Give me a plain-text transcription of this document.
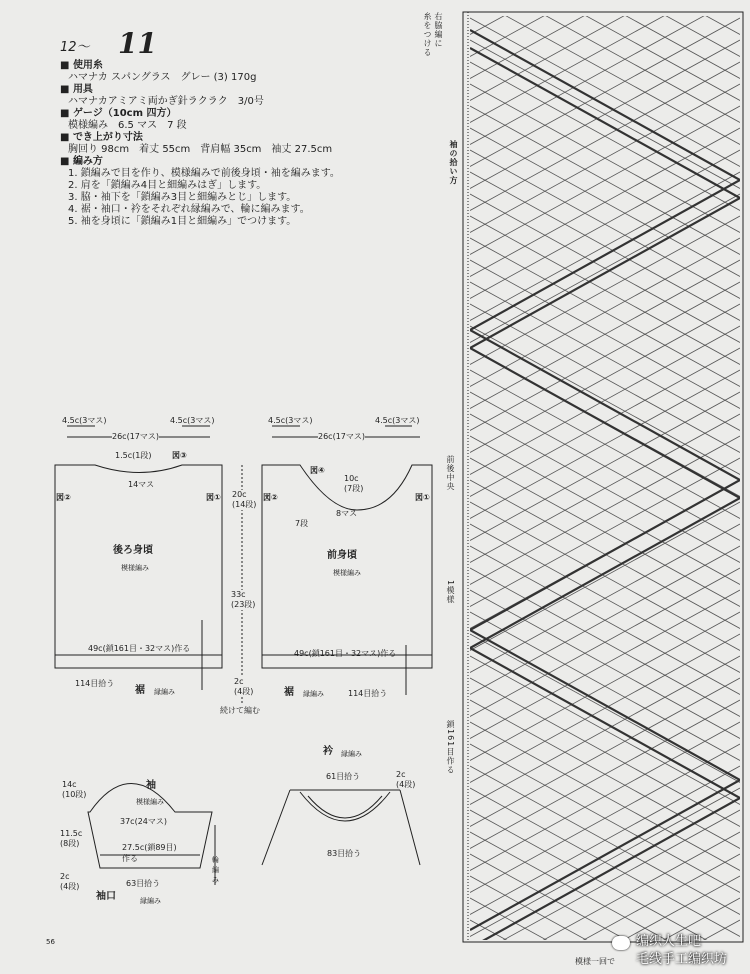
12〜 11
■ 使用糸
ハマナカ スパングラス　グレー (3) 170g
■ 用具
ハマナカアミアミ両かぎ針ラクラク　3/0号
■ ゲージ（10cm 四方）
模様編み　6.5 マス　7 段
■ でき上がり寸法
胸回り 98cm　着丈 55cm　背肩幅 35cm　袖丈 27.5cm
■ 編み方
1. 鎖編みで目を作り、模様編みで前後身頃・袖を編みます。
2. 肩を「鎖編み4目と細編みはぎ」します。
3. 脇・袖下を「鎖編み3目と細編みとじ」します。
4. 裾・袖口・衿をそれぞれ縁編みで、輪に編みます。
5. 袖を身頃に「鎖編み1目と細編み」でつけます。
4.5c(3マス)	4.5c(3マス)
26c(17マス)
1.5c(1段)
14マス
図③
図②	図①
後ろ身頃
模様編み
49c(鎖161目・32マス)作る
114目拾う
裾 縁編み
20c
(14段)
33c
(23段)
2c
(4段)
続けて編む
4.5c(3マス)	4.5c(3マス)
26c(17マス)
図④
10c
(7段)
8マス
7段
図②	図①
前身頃
模様編み
49c(鎖161目・32マス)作る
114目拾う
裾 縁編み
袖
模様編み
14c
(10段)
37c(24マス)
11.5c
(8段)	27.5c(鎖89目)
作る
2c
(4段)
輪編み
63目拾う
袖口	縁編み
衿 縁編み
61目拾う	2c
(4段)
83目拾う
56
右脇編に
糸をつける
袖の拾い方
前後中央
1模様
鎖161目作る
模様一回で
编织人生吧
毛线手工编织坊
